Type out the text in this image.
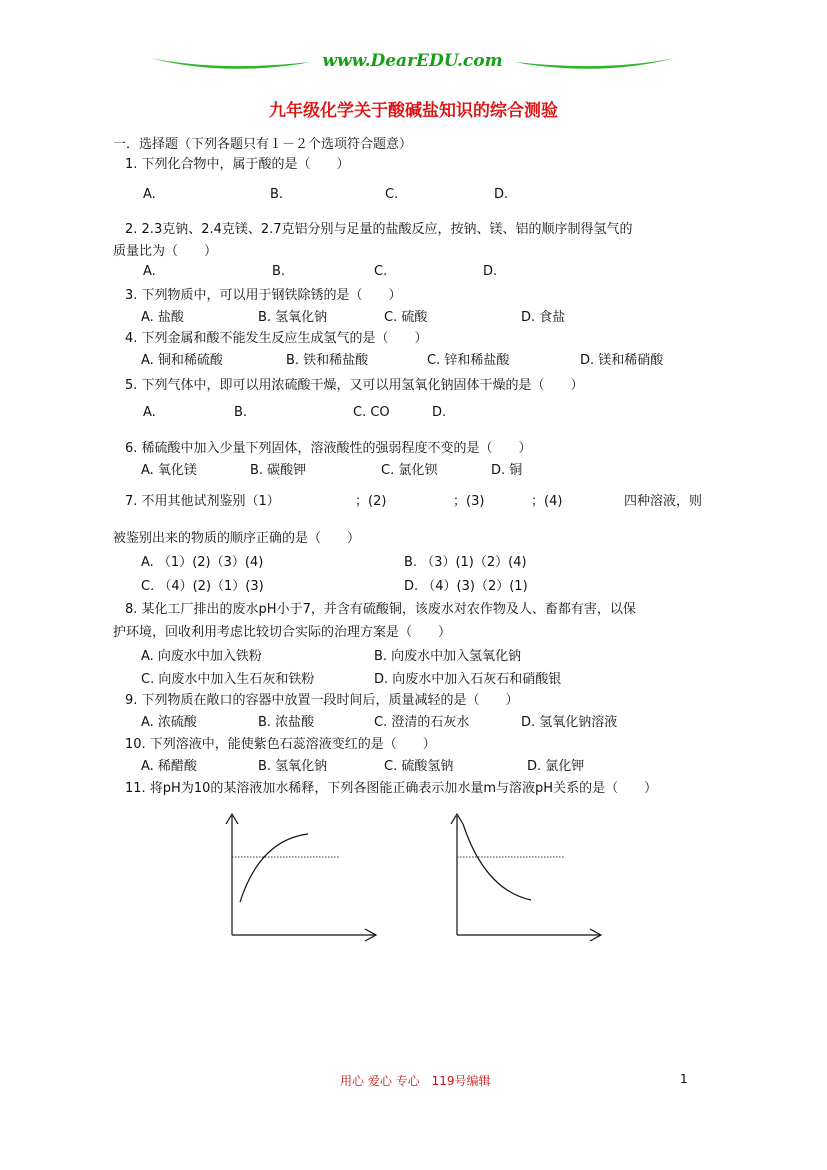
www.DearEDU.com
九年级化学关于酸碱盐知识的综合测验
一．选择题（下列各题只有１－２个选项符合题意）
1. 下列化合物中，属于酸的是（　　）
A.	B.	C.	D.
2. 2.3克钠、2.4克镁、2.7克铝分别与足量的盐酸反应，按钠、镁、铝的顺序制得氢气的
质量比为（　　）
A.	B.	C.	D.
3. 下列物质中，可以用于钢铁除锈的是（　　）
A. 盐酸	B. 氢氧化钠	C. 硫酸	D. 食盐
4. 下列金属和酸不能发生反应生成氢气的是（　　）
A. 铜和稀硫酸	B. 铁和稀盐酸	C. 锌和稀盐酸	D. 镁和稀硝酸
5. 下列气体中，即可以用浓硫酸干燥，又可以用氢氧化钠固体干燥的是（　　）
A.	B.	C. CO	D.
6. 稀硫酸中加入少量下列固体，溶液酸性的强弱程度不变的是（　　）
A. 氧化镁	B. 碳酸钾	C. 氯化钡	D. 铜
7. 不用其他试剂鉴别（1）	；(2)	；(3)	；(4)	四种溶液，则
被鉴别出来的物质的顺序正确的是（　　）
A. （1）(2)（3）(4)	B. （3）(1)（2）(4)
C. （4）(2)（1）(3)	D. （4）(3)（2）(1)
8. 某化工厂排出的废水pH小于7，并含有硫酸铜，该废水对农作物及人、畜都有害，以保
护环境，回收利用考虑比较切合实际的治理方案是（　　）
A. 向废水中加入铁粉	B. 向废水中加入氢氧化钠
C. 向废水中加入生石灰和铁粉	D. 向废水中加入石灰石和硝酸银
9. 下列物质在敞口的容器中放置一段时间后，质量减轻的是（　　）
A. 浓硫酸	B. 浓盐酸	C. 澄清的石灰水	D. 氢氧化钠溶液
10. 下列溶液中，能使紫色石蕊溶液变红的是（　　）
A. 稀醋酸	B. 氢氧化钠	C. 硫酸氢钠	D. 氯化钾
11. 将pH为10的某溶液加水稀释，下列各图能正确表示加水量m与溶液pH关系的是（　　）
用心 爱心 专心　119号编辑	1
